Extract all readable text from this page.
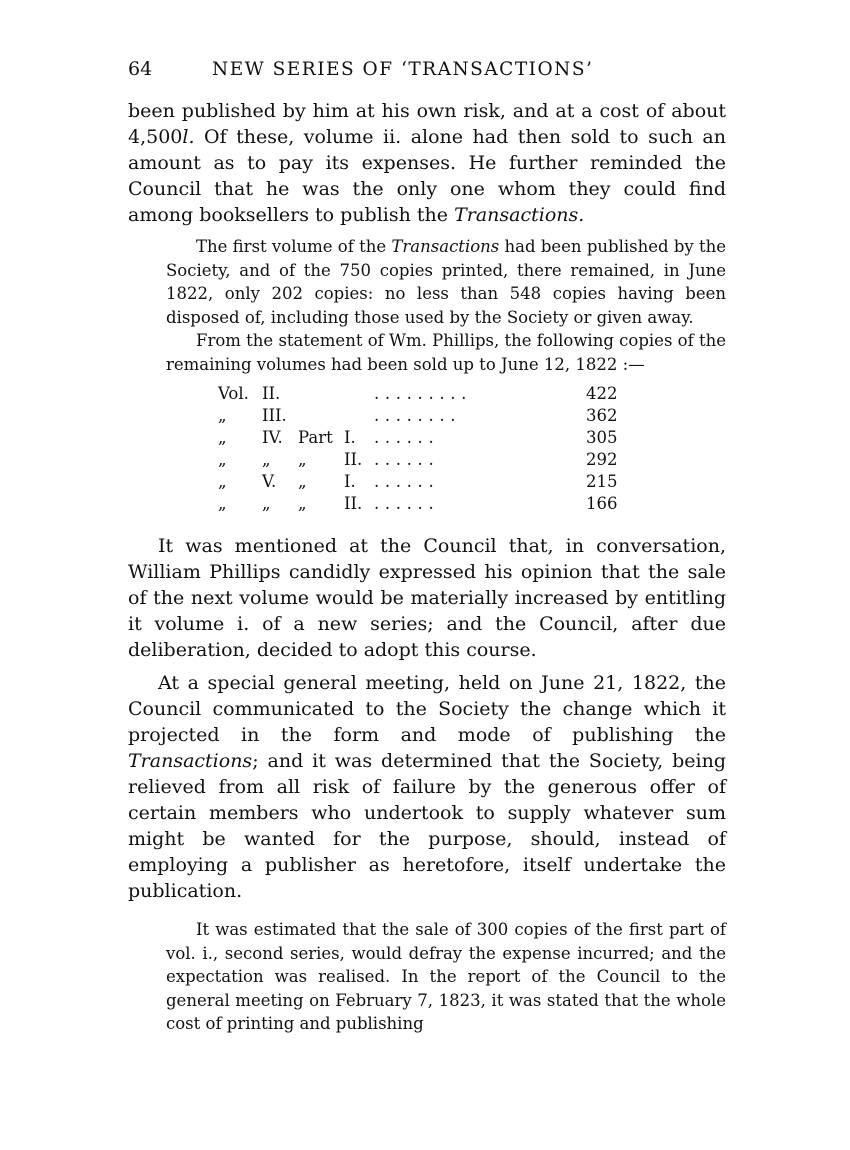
64	NEW SERIES OF ‘TRANSACTIONS’

been published by him at his own risk, and at a cost of about 4,500l. Of these, volume ii. alone had then sold to such an amount as to pay its expenses. He further reminded the Council that he was the only one whom they could find among booksellers to publish the Transactions.

The first volume of the Transactions had been published by the Society, and of the 750 copies printed, there remained, in June 1822, only 202 copies: no less than 548 copies having been disposed of, including those used by the Society or given away.

From the statement of Wm. Phillips, the following copies of the remaining volumes had been sold up to June 12, 1822 :—

Vol.	II.			. . . . . . . . .	422
„	III.			. . . . . . . .	362
„	IV.	Part	I.	. . . . . .	305
„	„	„	II.	. . . . . .	292
„	V.	„	I.	. . . . . .	215
„	„	„	II.	. . . . . .	166

It was mentioned at the Council that, in conversation, William Phillips candidly expressed his opinion that the sale of the next volume would be materially increased by entitling it volume i. of a new series; and the Council, after due deliberation, decided to adopt this course.

At a special general meeting, held on June 21, 1822, the Council communicated to the Society the change which it projected in the form and mode of publishing the Transactions; and it was determined that the Society, being relieved from all risk of failure by the generous offer of certain members who undertook to supply whatever sum might be wanted for the purpose, should, instead of employing a publisher as heretofore, itself undertake the publication.

It was estimated that the sale of 300 copies of the first part of vol. i., second series, would defray the expense incurred; and the expectation was realised. In the report of the Council to the general meeting on February 7, 1823, it was stated that the whole cost of printing and publishing
